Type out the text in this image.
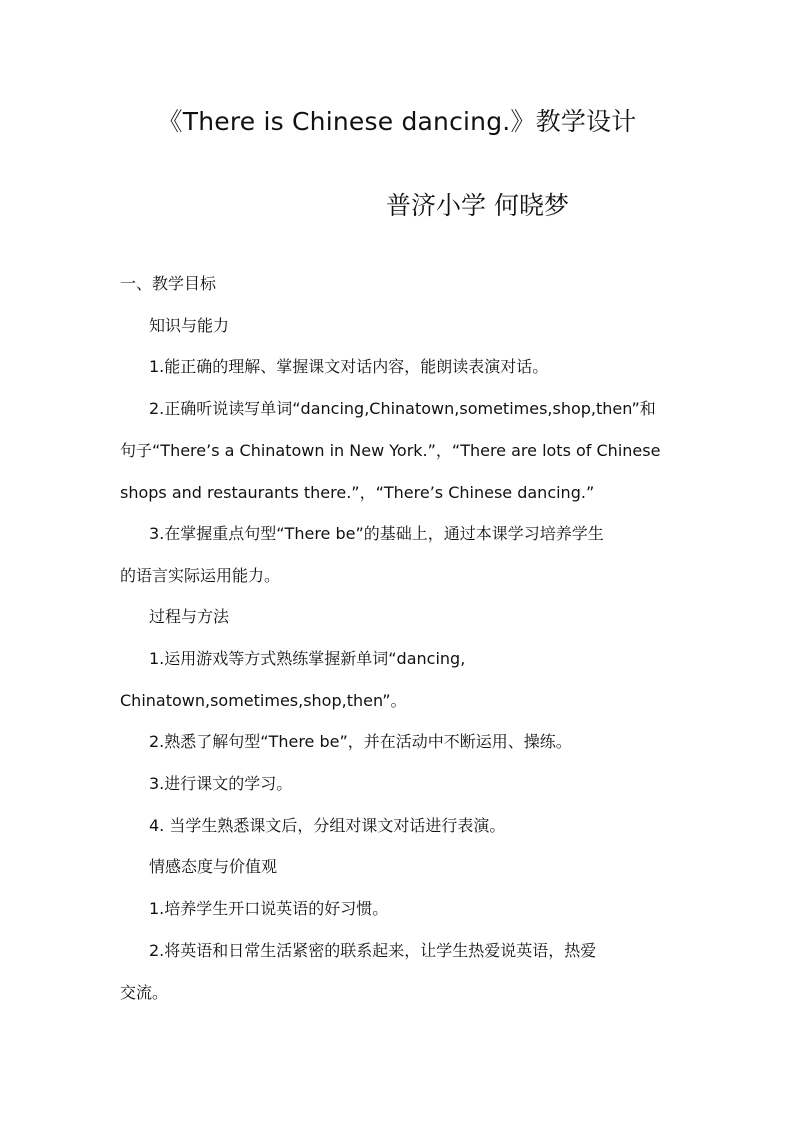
《There is Chinese dancing.》教学设计
普济小学 何晓梦
一、教学目标
知识与能力
1.能正确的理解、掌握课文对话内容，能朗读表演对话。
2.正确听说读写单词“dancing,Chinatown,sometimes,shop,then”和
句子“There’s a Chinatown in New York.”，“There are lots of Chinese
shops and restaurants there.”，“There’s Chinese dancing.”
3.在掌握重点句型“There be”的基础上，通过本课学习培养学生
的语言实际运用能力。
过程与方法
1.运用游戏等方式熟练掌握新单词“dancing,
Chinatown,sometimes,shop,then”。
2.熟悉了解句型“There be”，并在活动中不断运用、操练。
3.进行课文的学习。
4. 当学生熟悉课文后，分组对课文对话进行表演。
情感态度与价值观
1.培养学生开口说英语的好习惯。
2.将英语和日常生活紧密的联系起来，让学生热爱说英语，热爱
交流。
